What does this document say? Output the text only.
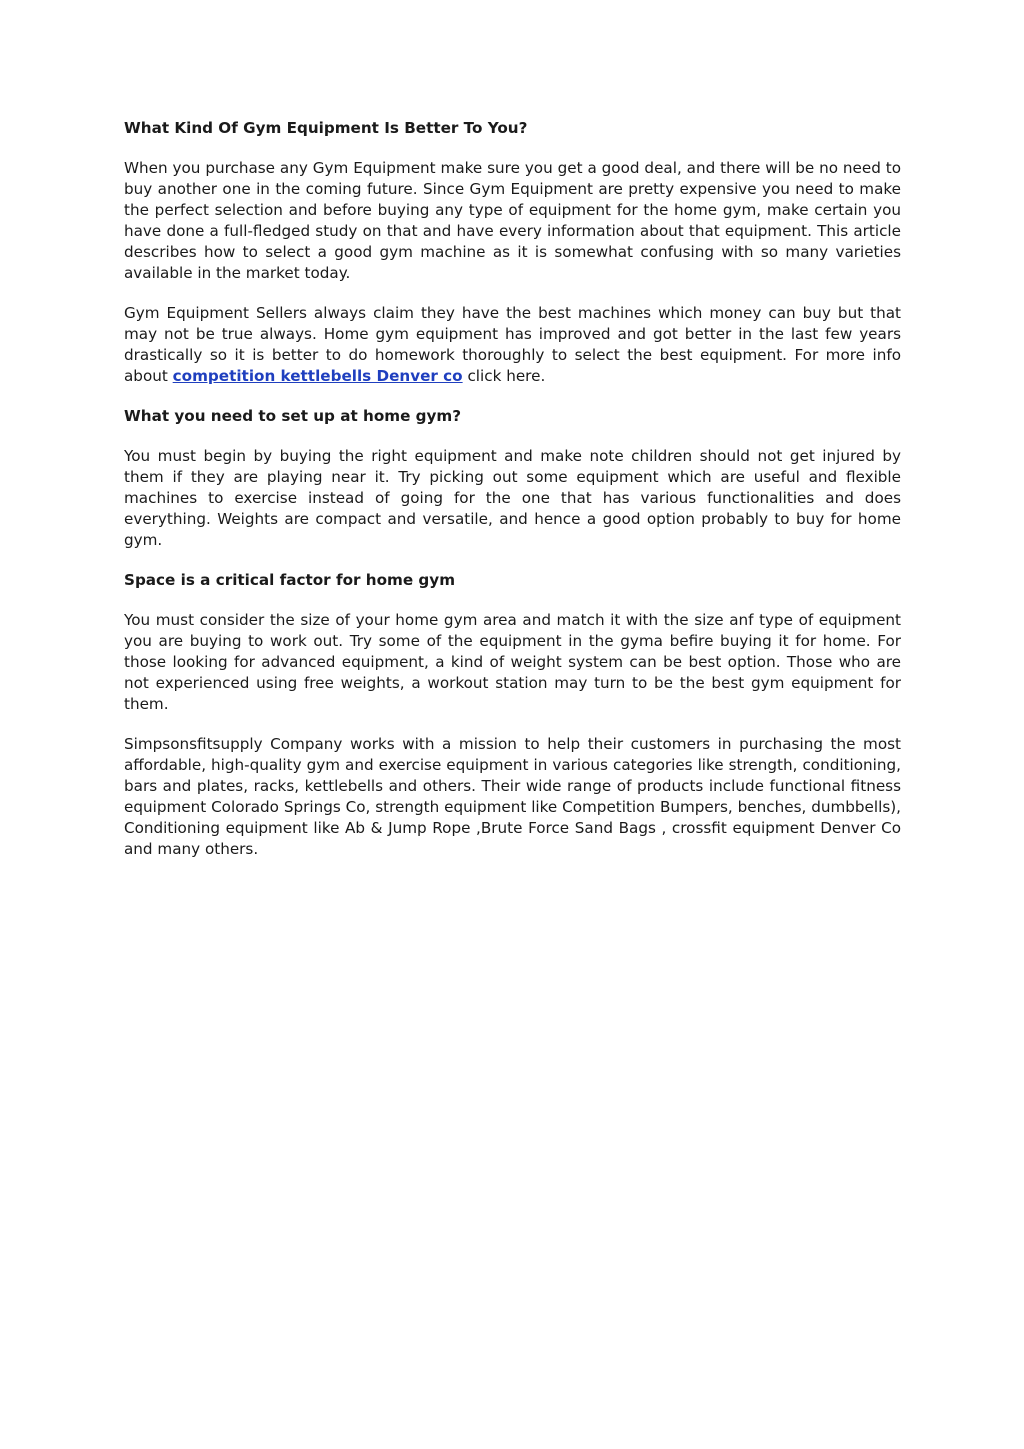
What Kind Of Gym Equipment Is Better To You?
When you purchase any Gym Equipment make sure you get a good deal, and there will be no need to buy another one in the coming future. Since Gym Equipment are pretty expensive you need to make the perfect selection and before buying any type of equipment for the home gym, make certain you have done a full-fledged study on that and have every information about that equipment. This article describes how to select a good gym machine as it is somewhat confusing with so many varieties available in the market today.
Gym Equipment Sellers always claim they have the best machines which money can buy but that may not be true always. Home gym equipment has improved and got better in the last few years drastically so it is better to do homework thoroughly to select the best equipment. For more info about competition kettlebells Denver co click here.
What you need to set up at home gym?
You must begin by buying the right equipment and make note children should not get injured by them if they are playing near it. Try picking out some equipment which are useful and flexible machines to exercise instead of going for the one that has various functionalities and does everything. Weights are compact and versatile, and hence a good option probably to buy for home gym.
Space is a critical factor for home gym
You must consider the size of your home gym area and match it with the size anf type of equipment you are buying to work out. Try some of the equipment in the gyma befire buying it for home. For those looking for advanced equipment, a kind of weight system can be best option. Those who are not experienced using free weights, a workout station may turn to be the best gym equipment for them.
Simpsonsfitsupply Company works with a mission to help their customers in purchasing the most affordable, high-quality gym and exercise equipment in various categories like strength, conditioning, bars and plates, racks, kettlebells and others. Their wide range of products include functional fitness equipment Colorado Springs Co, strength equipment like Competition Bumpers, benches, dumbbells), Conditioning equipment like Ab & Jump Rope ,Brute Force Sand Bags , crossfit equipment Denver Co and many others.
